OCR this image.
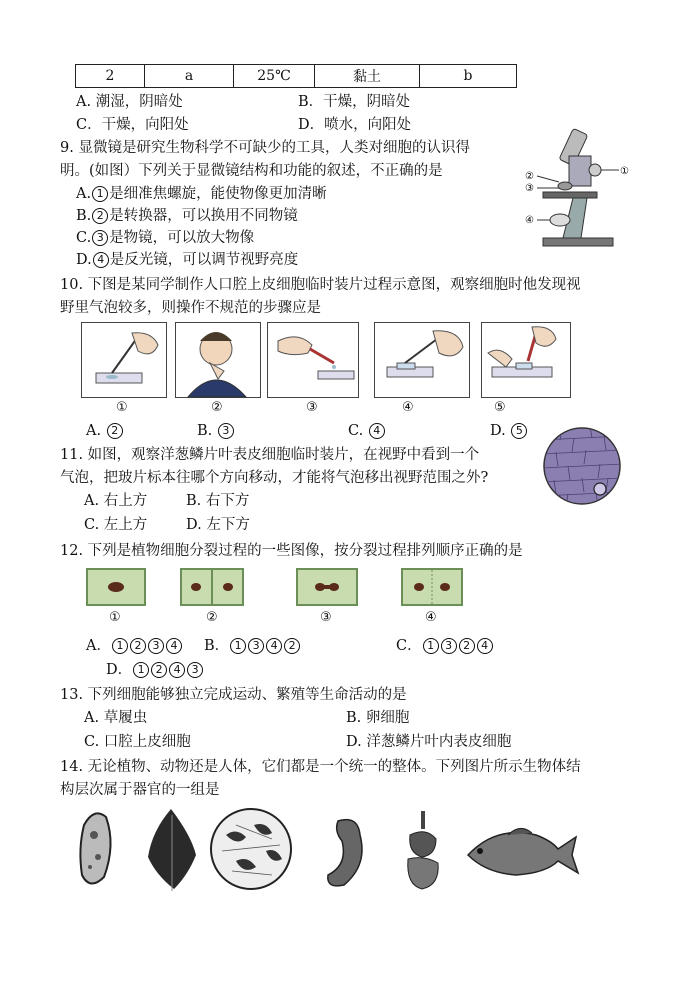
2	a	25℃	黏土	b
A. 潮湿，阴暗处	B．干燥，阴暗处
C．干燥，向阳处	D．喷水，向阳处
9. 显微镜是研究生物科学不可缺少的工具，人类对细胞的认识得
明。(如图）下列关于显微镜结构和功能的叙述，不正确的是
A. 1 是细准焦螺旋，能使物像更加清晰
B. 2 是转换器，可以换用不同物镜
C. 3 是物镜，可以放大物像
D. 4 是反光镜，可以调节视野亮度
①
②
③
④
10. 下图是某同学制作人口腔上皮细胞临时装片过程示意图，观察细胞时他发现视
野里气泡较多，则操作不规范的步骤应是
①	②	③	④	⑤
A. 2	B. 3	C. 4	D. 5
11. 如图，观察洋葱鳞片叶表皮细胞临时装片，在视野中看到一个
气泡，把玻片标本往哪个方向移动，才能将气泡移出视野范围之外?
A. 右上方	B. 右下方
C. 左上方	D. 左下方
12. 下列是植物细胞分裂过程的一些图像，按分裂过程排列顺序正确的是
①	②	③	④
A． 1 2 3 4	B． 1 3 4 2	C． 1 3 2 4
D． 1 2 4 3
13. 下列细胞能够独立完成运动、繁殖等生命活动的是
A. 草履虫	B. 卵细胞
C. 口腔上皮细胞	D. 洋葱鳞片叶内表皮细胞
14. 无论植物、动物还是人体，它们都是一个统一的整体。下列图片所示生物体结
构层次属于器官的一组是
